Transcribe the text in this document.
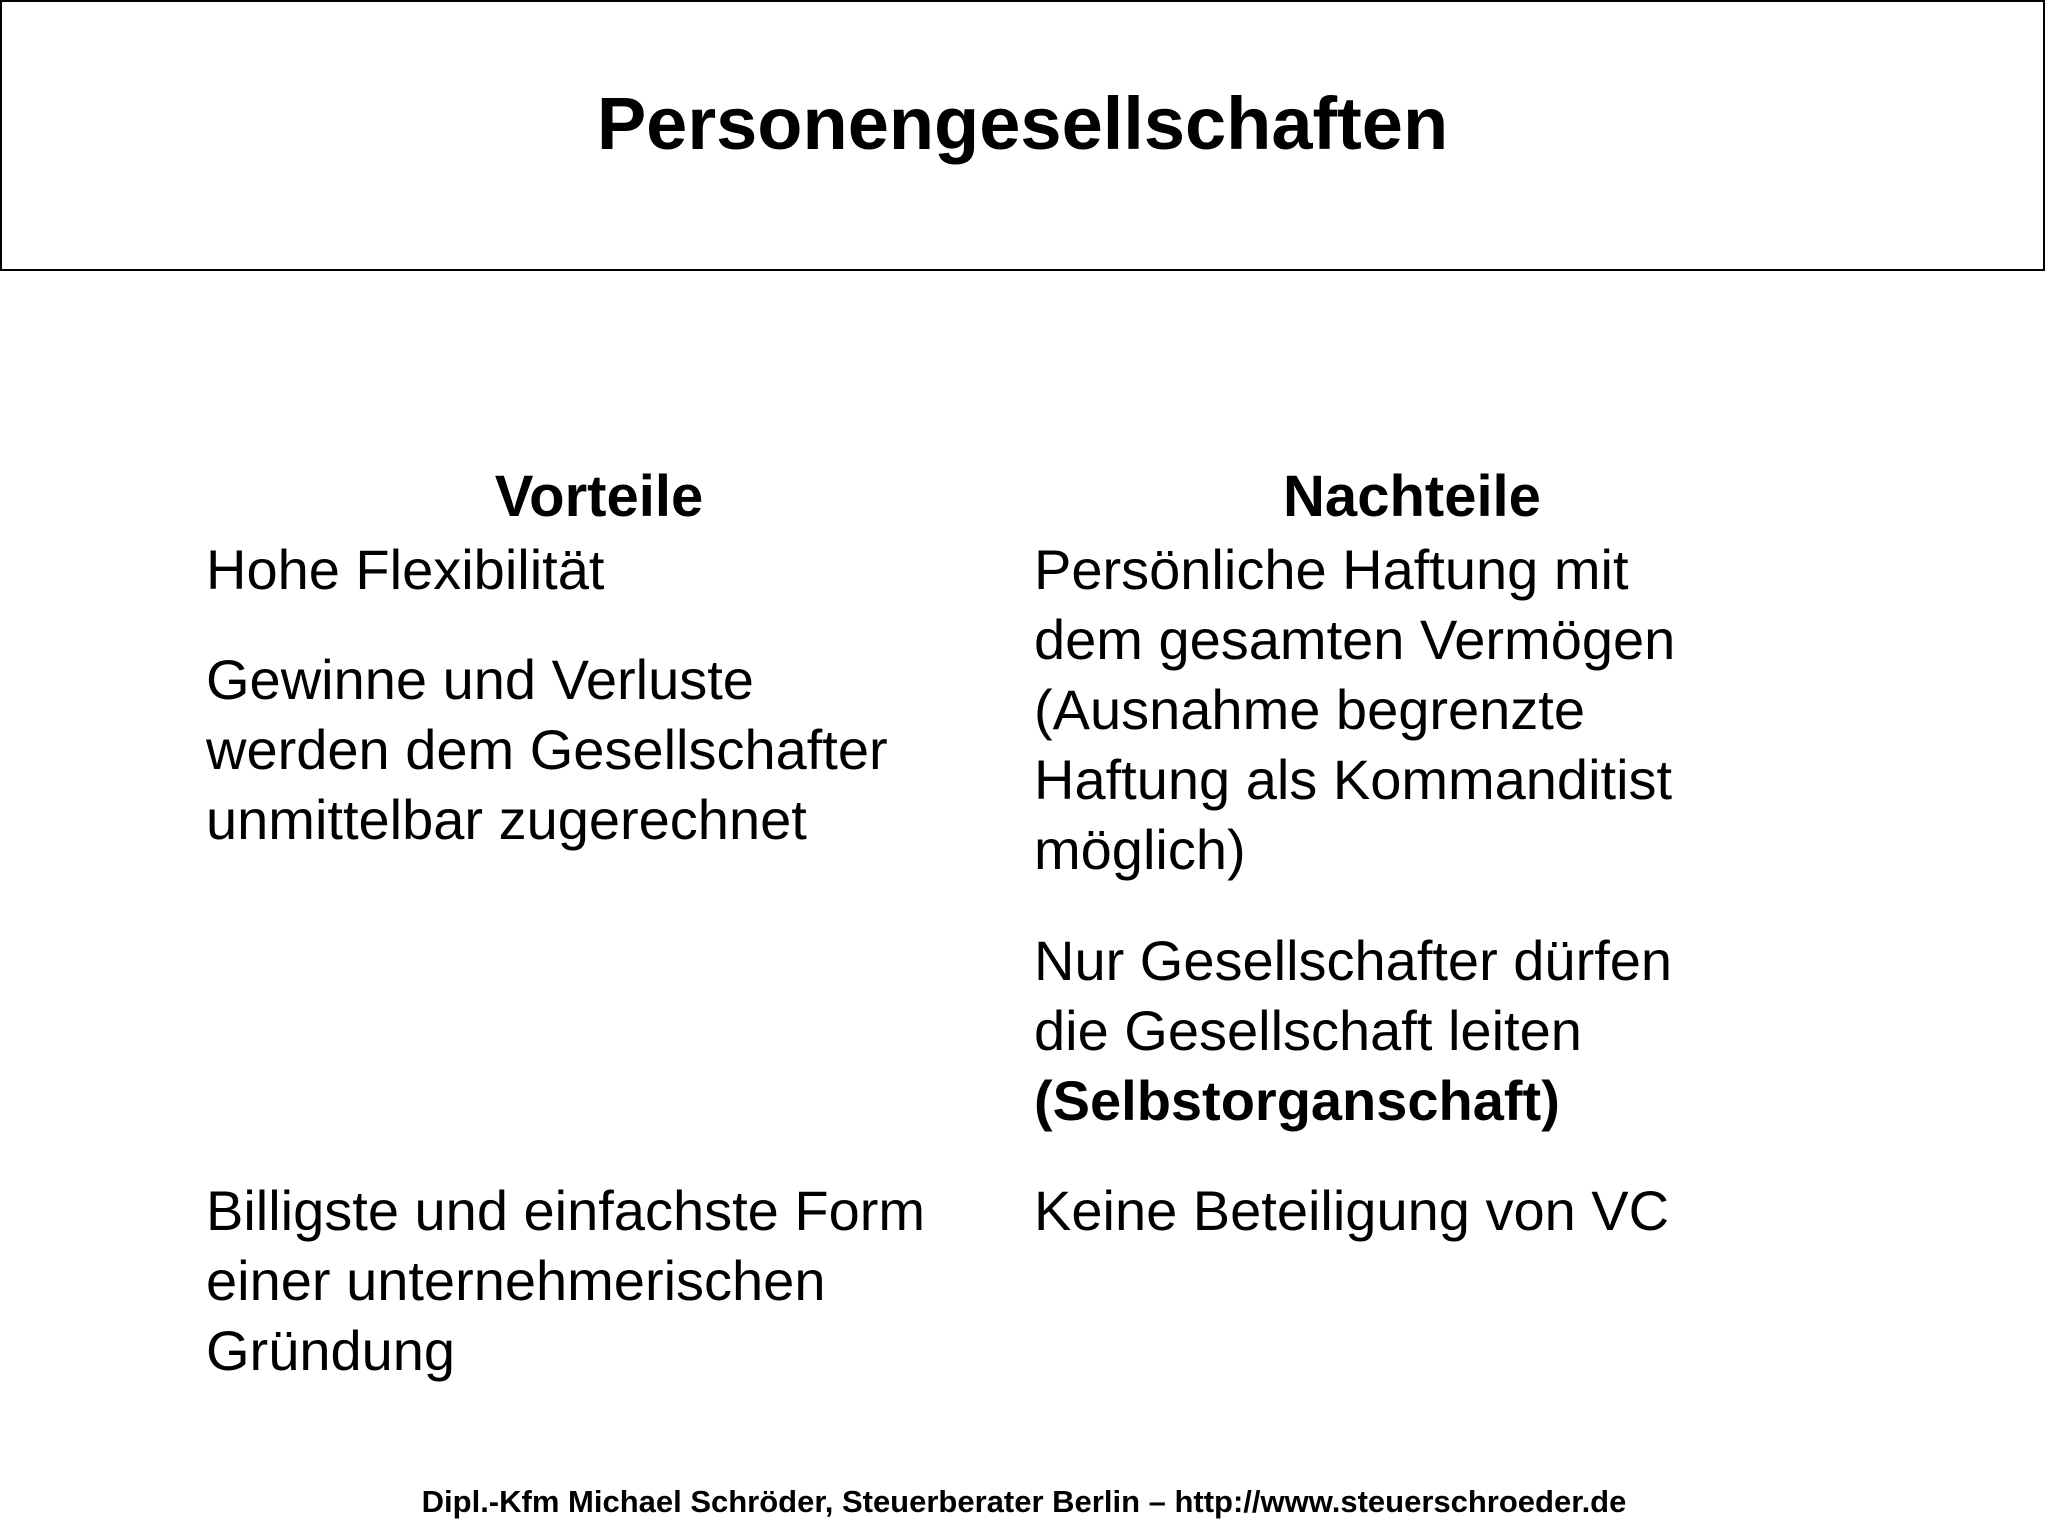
Personengesellschaften
Vorteile	Nachteile
Hohe Flexibilität
Gewinne und Verluste
werden dem Gesellschafter
unmittelbar zugerechnet
Billigste und einfachste Form
einer unternehmerischen
Gründung
Persönliche Haftung mit
dem gesamten Vermögen
(Ausnahme begrenzte
Haftung als Kommanditist
möglich)
Nur Gesellschafter dürfen
die Gesellschaft leiten
(Selbstorganschaft)
Keine Beteiligung von VC
Dipl.-Kfm Michael Schröder, Steuerberater Berlin – http://www.steuerschroeder.de
